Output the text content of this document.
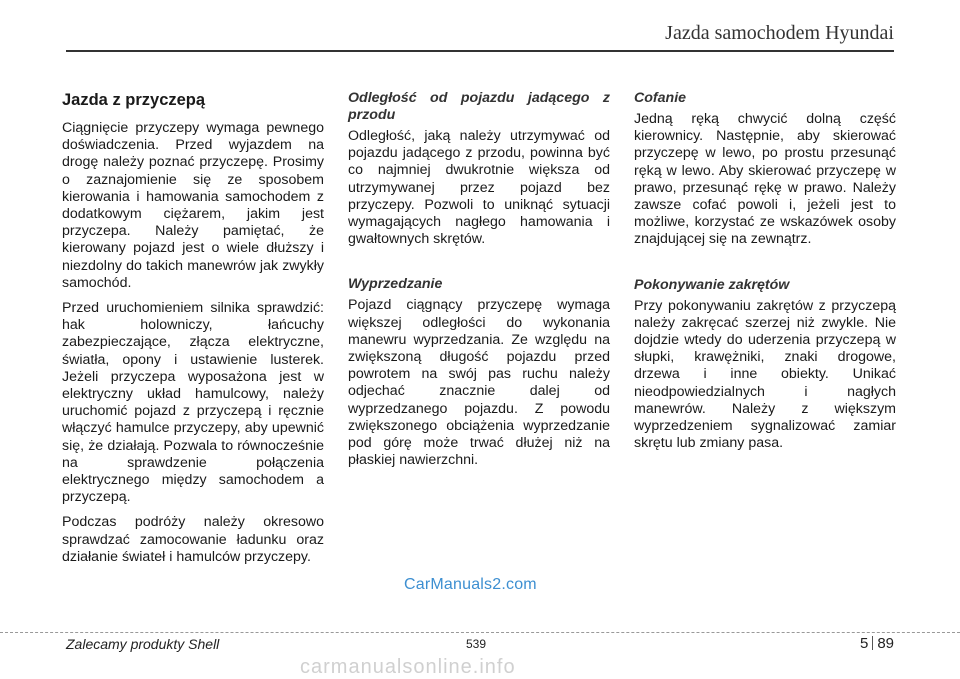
Jazda samochodem Hyundai
Jazda z przyczepą

Ciągnięcie przyczepy wymaga pewnego doświadczenia. Przed wyjazdem na drogę należy poznać przyczepę. Prosimy o zaznajomienie się ze sposobem kierowania i hamowania samochodem z dodatkowym ciężarem, jakim jest przyczepa. Należy pamiętać, że kierowany pojazd jest o wiele dłuższy i niezdolny do takich manewrów jak zwykły samochód.

Przed uruchomieniem silnika sprawdzić: hak holowniczy, łańcuchy zabezpieczające, złącza elektryczne, światła, opony i ustawienie lusterek. Jeżeli przyczepa wyposażona jest w elektryczny układ hamulcowy, należy uruchomić pojazd z przyczepą i ręcznie włączyć hamulce przyczepy, aby upewnić się, że działają. Pozwala to równocześnie na sprawdzenie połączenia elektrycznego między samochodem a przyczepą.

Podczas podróży należy okresowo sprawdzać zamocowanie ładunku oraz działanie świateł i hamulców przyczepy.

Odległość od pojazdu jadącego z przodu

Odległość, jaką należy utrzymywać od pojazdu jadącego z przodu, powinna być co najmniej dwukrotnie większa od utrzymywanej przez pojazd bez przyczepy. Pozwoli to uniknąć sytuacji wymagających nagłego hamowania i gwałtownych skrętów.

Wyprzedzanie

Pojazd ciągnący przyczepę wymaga większej odległości do wykonania manewru wyprzedzania. Ze względu na zwiększoną długość pojazdu przed powrotem na swój pas ruchu należy odjechać znacznie dalej od wyprzedzanego pojazdu. Z powodu zwiększonego obciążenia wyprzedzanie pod górę może trwać dłużej niż na płaskiej nawierzchni.

Cofanie

Jedną ręką chwycić dolną część kierownicy. Następnie, aby skierować przyczepę w lewo, po prostu przesunąć ręką w lewo. Aby skierować przyczepę w prawo, przesunąć rękę w prawo. Należy zawsze cofać powoli i, jeżeli jest to możliwe, korzystać ze wskazówek osoby znajdującej się na zewnątrz.

Pokonywanie zakrętów

Przy pokonywaniu zakrętów z przyczepą należy zakręcać szerzej niż zwykle. Nie dojdzie wtedy do uderzenia przyczepą w słupki, krawężniki, znaki drogowe, drzewa i inne obiekty. Unikać nieodpowiedzialnych i nagłych manewrów. Należy z większym wyprzedzeniem sygnalizować zamiar skrętu lub zmiany pasa.

CarManuals2.com
Zalecamy produkty Shell	539	5 89
carmanualsonline.info
